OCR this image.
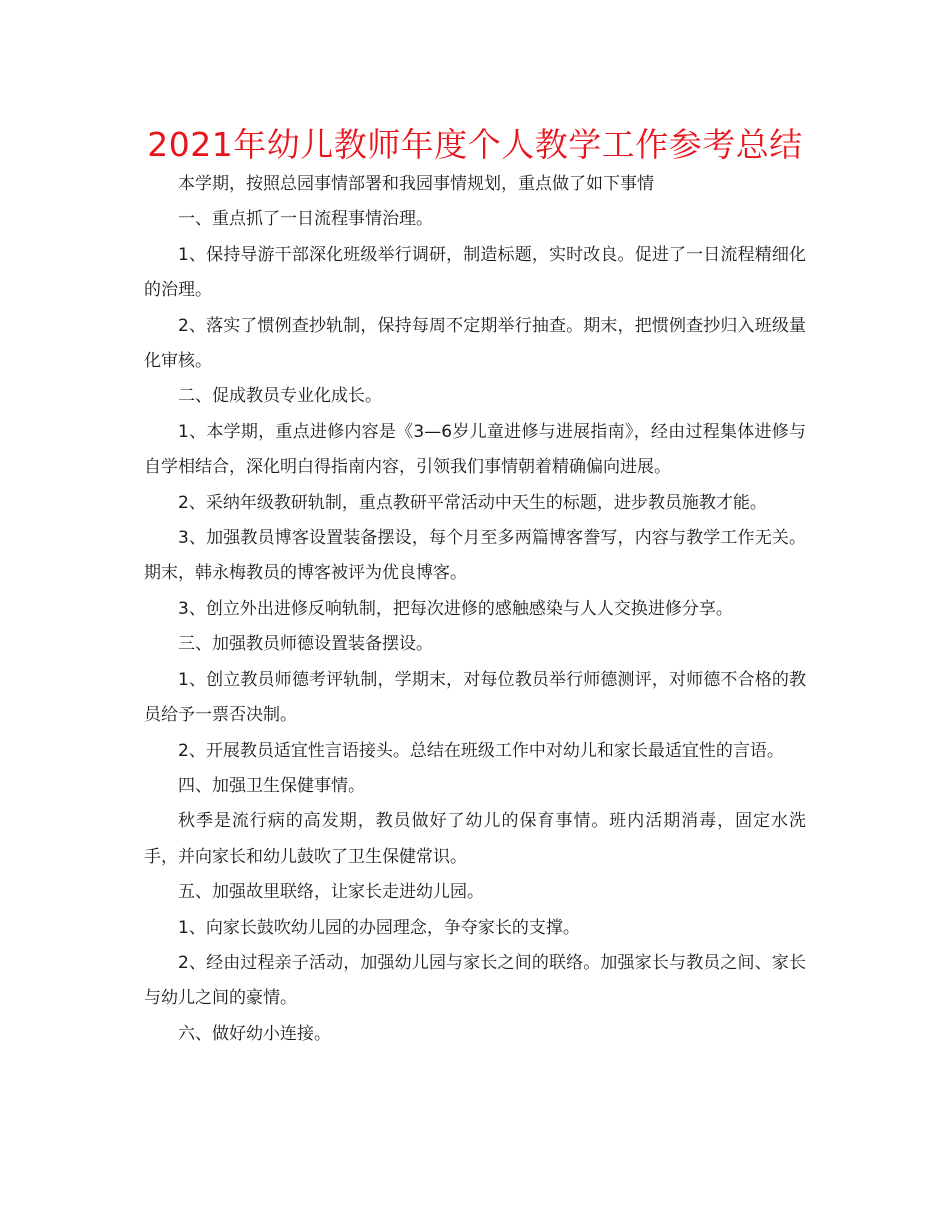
2021年幼儿教师年度个人教学工作参考总结

本学期，按照总园事情部署和我园事情规划，重点做了如下事情

一、重点抓了一日流程事情治理。

1、保持导游干部深化班级举行调研，制造标题，实时改良。促进了一日流程精细化的治理。

2、落实了惯例查抄轨制，保持每周不定期举行抽查。期末，把惯例查抄归入班级量化审核。

二、促成教员专业化成长。

1、本学期，重点进修内容是《3—6岁儿童进修与进展指南》，经由过程集体进修与自学相结合，深化明白得指南内容，引领我们事情朝着精确偏向进展。

2、采纳年级教研轨制，重点教研平常活动中天生的标题，进步教员施教才能。

3、加强教员博客设置装备摆设，每个月至多两篇博客誊写，内容与教学工作无关。期末，韩永梅教员的博客被评为优良博客。

3、创立外出进修反响轨制，把每次进修的感触感染与人人交换进修分享。

三、加强教员师德设置装备摆设。

1、创立教员师德考评轨制，学期末，对每位教员举行师德测评，对师德不合格的教员给予一票否决制。

2、开展教员适宜性言语接头。总结在班级工作中对幼儿和家长最适宜性的言语。

四、加强卫生保健事情。

秋季是流行病的高发期，教员做好了幼儿的保育事情。班内活期消毒，固定水洗手，并向家长和幼儿鼓吹了卫生保健常识。

五、加强故里联络，让家长走进幼儿园。

1、向家长鼓吹幼儿园的办园理念，争夺家长的支撑。

2、经由过程亲子活动，加强幼儿园与家长之间的联络。加强家长与教员之间、家长与幼儿之间的豪情。

六、做好幼小连接。
